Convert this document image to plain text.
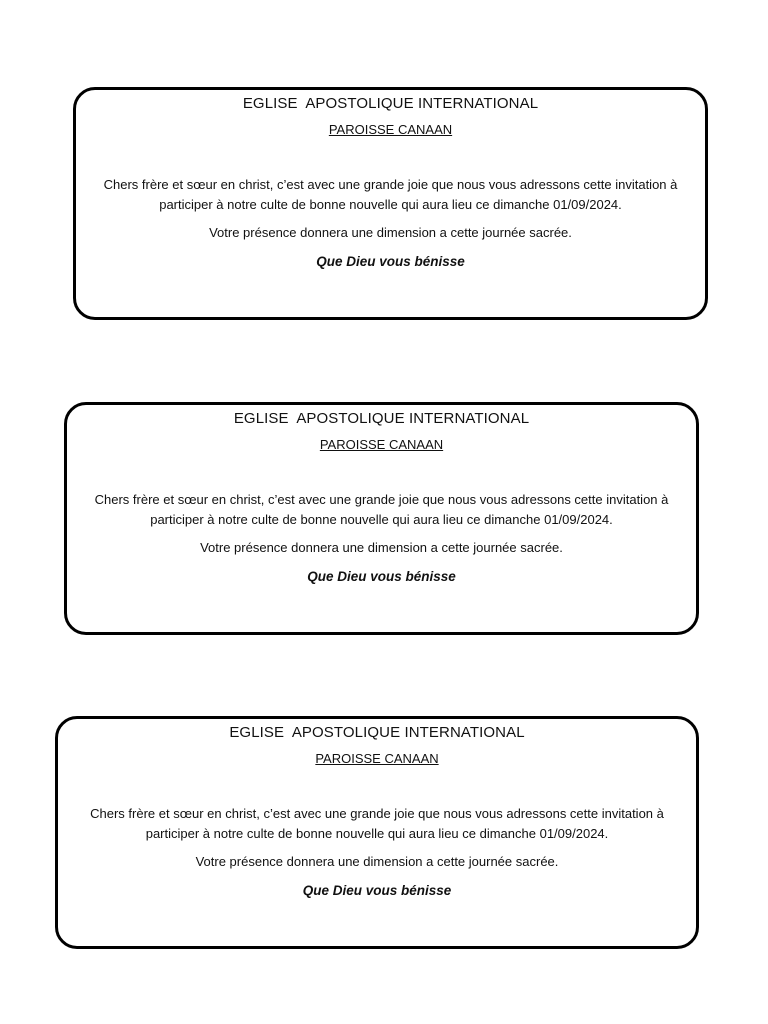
EGLISE  APOSTOLIQUE INTERNATIONAL
PAROISSE CANAAN
Chers frère et sœur en christ, c’est avec une grande joie que nous vous adressons cette invitation à
participer à notre culte de bonne nouvelle qui aura lieu ce dimanche 01/09/2024.
Votre présence donnera une dimension a cette journée sacrée.
Que Dieu vous bénisse
EGLISE  APOSTOLIQUE INTERNATIONAL
PAROISSE CANAAN
Chers frère et sœur en christ, c’est avec une grande joie que nous vous adressons cette invitation à
participer à notre culte de bonne nouvelle qui aura lieu ce dimanche 01/09/2024.
Votre présence donnera une dimension a cette journée sacrée.
Que Dieu vous bénisse
EGLISE  APOSTOLIQUE INTERNATIONAL
PAROISSE CANAAN
Chers frère et sœur en christ, c’est avec une grande joie que nous vous adressons cette invitation à
participer à notre culte de bonne nouvelle qui aura lieu ce dimanche 01/09/2024.
Votre présence donnera une dimension a cette journée sacrée.
Que Dieu vous bénisse
